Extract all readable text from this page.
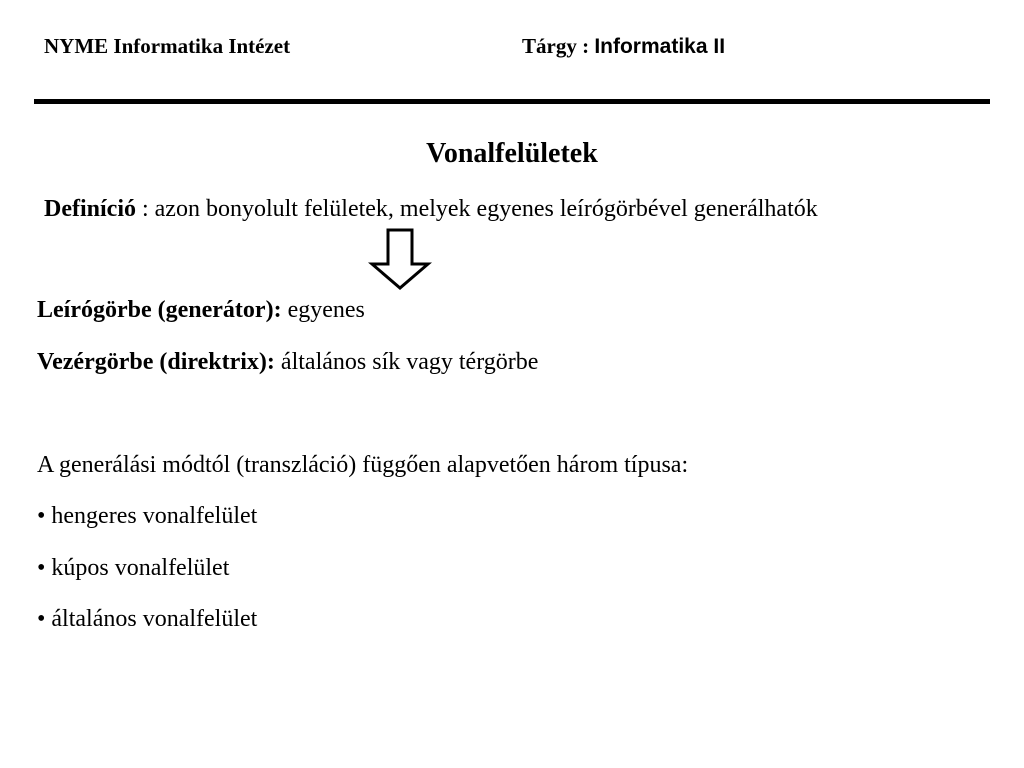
NYME Informatika Intézet	Tárgy : Informatika II
Vonalfelületek
Definíció : azon bonyolult felületek, melyek egyenes leírógörbével generálhatók
Leírógörbe (generátor): egyenes
Vezérgörbe (direktrix): általános sík vagy térgörbe
A generálási módtól (transzláció) függően alapvetően három típusa:
• hengeres vonalfelület
• kúpos vonalfelület
• általános vonalfelület
